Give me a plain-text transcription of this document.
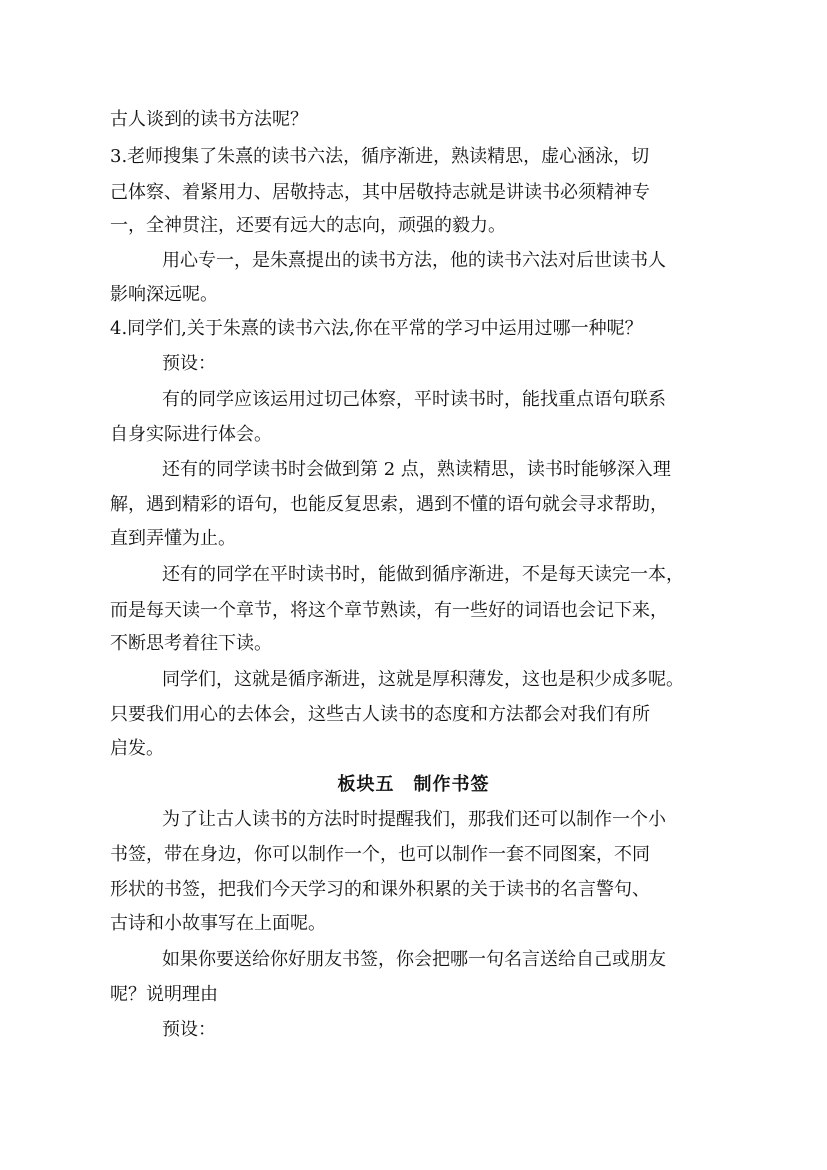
古人谈到的读书方法呢？
3.老师搜集了朱熹的读书六法，循序渐进，熟读精思，虚心涵泳，切
己体察、着紧用力、居敬持志，其中居敬持志就是讲读书必须精神专
一，全神贯注，还要有远大的志向，顽强的毅力。
用心专一，是朱熹提出的读书方法，他的读书六法对后世读书人
影响深远呢。
4.同学们,关于朱熹的读书六法,你在平常的学习中运用过哪一种呢？
预设：
有的同学应该运用过切己体察，平时读书时，能找重点语句联系
自身实际进行体会。
还有的同学读书时会做到第 2 点，熟读精思，读书时能够深入理
解，遇到精彩的语句，也能反复思索，遇到不懂的语句就会寻求帮助，
直到弄懂为止。
还有的同学在平时读书时，能做到循序渐进，不是每天读完一本，
而是每天读一个章节，将这个章节熟读，有一些好的词语也会记下来，
不断思考着往下读。
同学们，这就是循序渐进，这就是厚积薄发，这也是积少成多呢。
只要我们用心的去体会，这些古人读书的态度和方法都会对我们有所
启发。
板块五　制作书签
为了让古人读书的方法时时提醒我们，那我们还可以制作一个小
书签，带在身边，你可以制作一个，也可以制作一套不同图案，不同
形状的书签，把我们今天学习的和课外积累的关于读书的名言警句、
古诗和小故事写在上面呢。
如果你要送给你好朋友书签，你会把哪一句名言送给自己或朋友
呢？说明理由
预设：
